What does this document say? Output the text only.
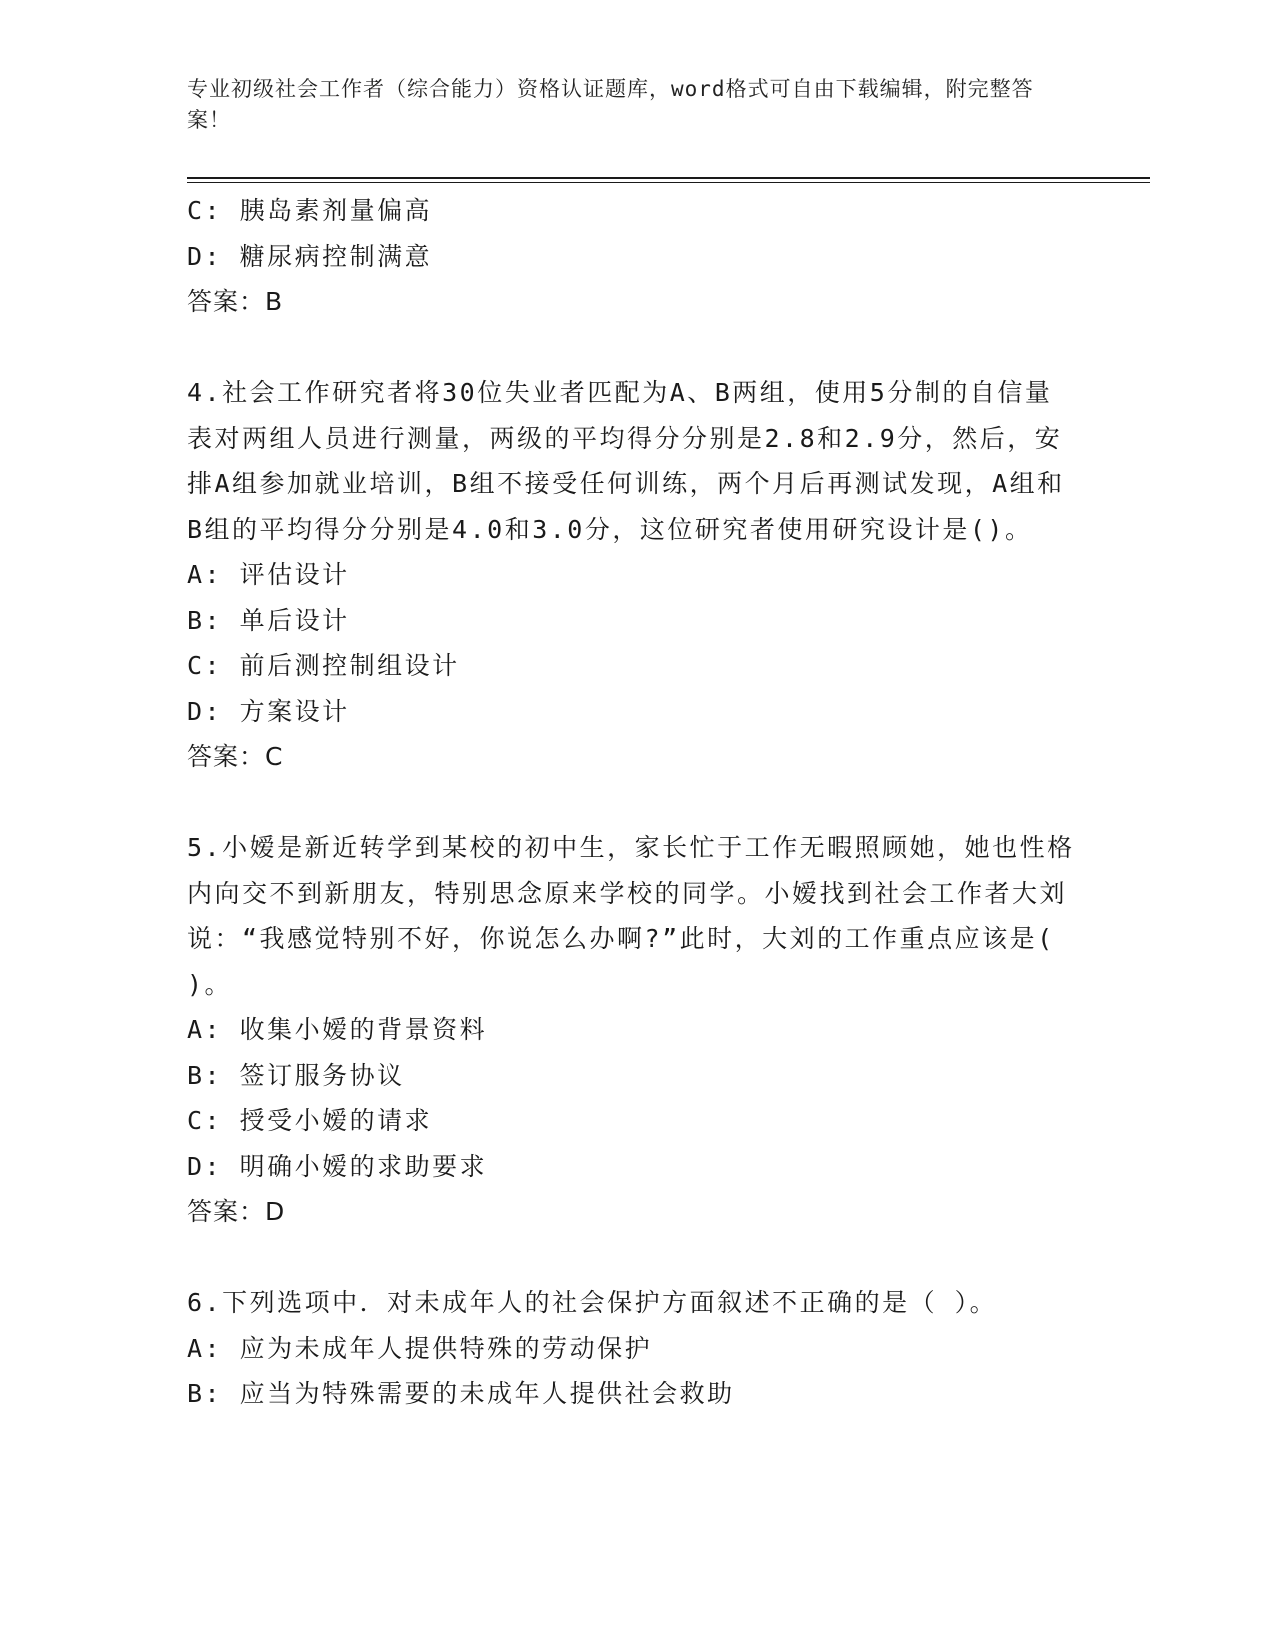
专业初级社会工作者（综合能力）资格认证题库，word格式可自由下载编辑，附完整答案！
C: 胰岛素剂量偏高
D: 糖尿病控制满意
答案：B
4.社会工作研究者将30位失业者匹配为A、B两组，使用5分制的自信量表对两组人员进行测量，两级的平均得分分别是2.8和2.9分，然后，安排A组参加就业培训，B组不接受任何训练，两个月后再测试发现，A组和B组的平均得分分别是4.0和3.0分，这位研究者使用研究设计是()。
A: 评估设计
B: 单后设计
C: 前后测控制组设计
D: 方案设计
答案：C
5.小嫒是新近转学到某校的初中生，家长忙于工作无暇照顾她，她也性格内向交不到新朋友，特别思念原来学校的同学。小嫒找到社会工作者大刘说：“我感觉特别不好，你说怎么办啊?”此时，大刘的工作重点应该是( )。
A: 收集小嫒的背景资料
B: 签订服务协议
C: 授受小嫒的请求
D: 明确小嫒的求助要求
答案：D
6.下列选项中．对未成年人的社会保护方面叙述不正确的是（ ）。
A: 应为未成年人提供特殊的劳动保护
B: 应当为特殊需要的未成年人提供社会救助
